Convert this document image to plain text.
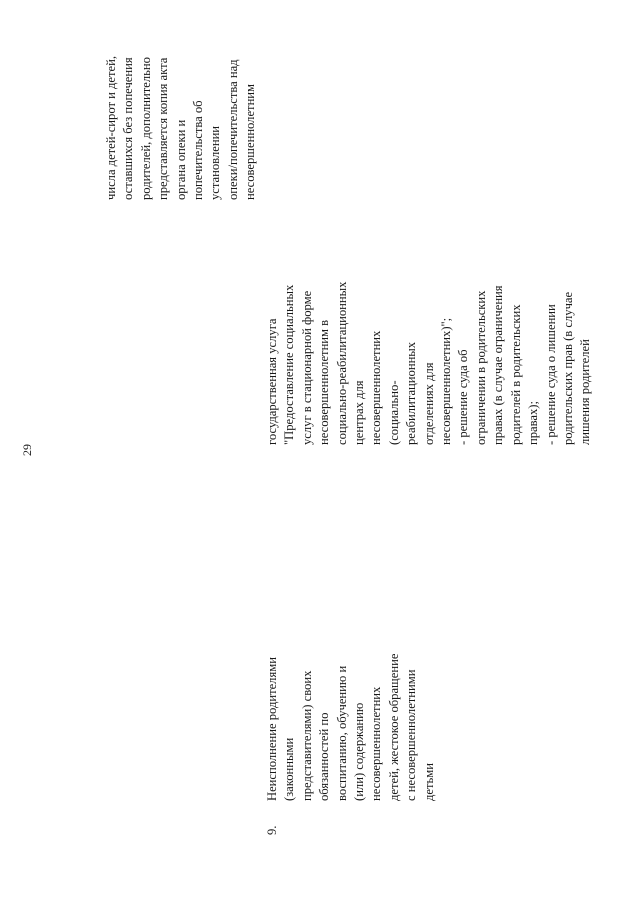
29
9.
Неисполнение родителями (законными представителями) своих обязанностей по воспитанию, обучению и (или) содержанию несовершеннолетних детей, жестокое обращение с несовершеннолетними детьми
государственная услуга "Предоставление социальных услуг в стационарной форме несовершеннолетним в социально-реабилитационных центрах для несовершеннолетних (социально- реабилитационных отделениях для несовершеннолетних)"; - решение суда об ограничении в родительских правах (в случае ограничения родителей в родительских правах); - решение суда о лишении родительских прав (в случае лишения родителей
числа детей-сирот и детей, оставшихся без попечения родителей, дополнительно представляется копия акта органа опеки и попечительства об установлении опеки/попечительства над несовершеннолетним
